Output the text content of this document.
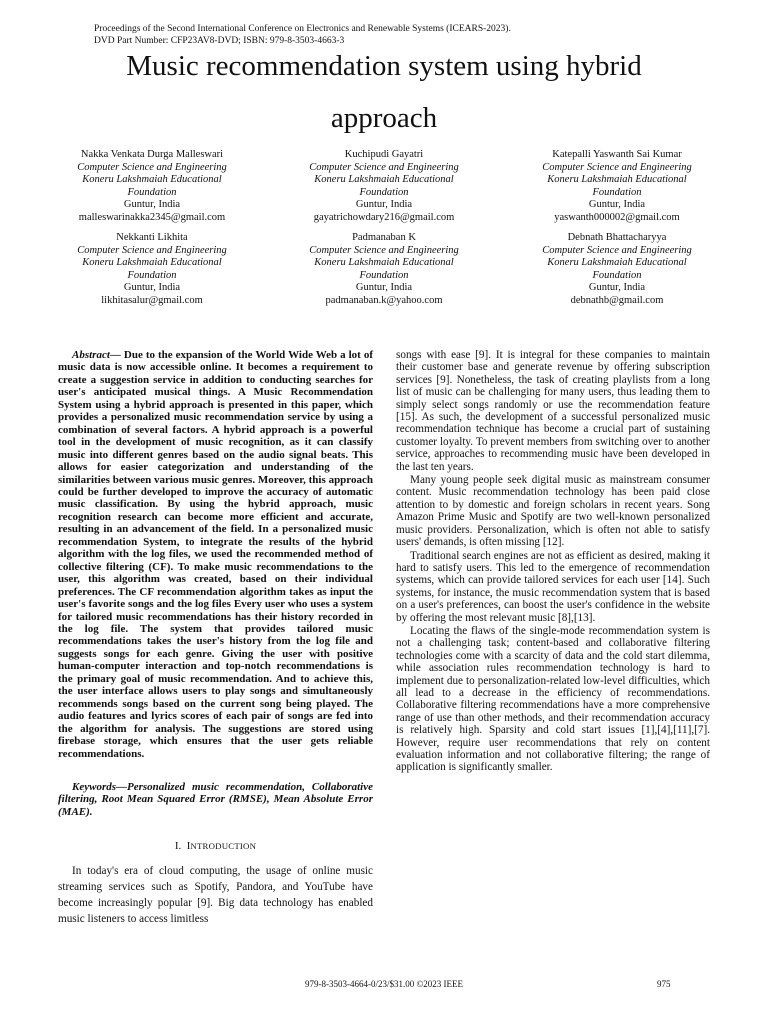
Proceedings of the Second International Conference on Electronics and Renewable Systems (ICEARS-2023).
DVD Part Number: CFP23AV8-DVD; ISBN: 979-8-3503-4663-3
Music recommendation system using hybrid
approach
Nakka Venkata Durga Malleswari
Computer Science and Engineering
Koneru Lakshmaiah Educational
Foundation
Guntur, India
malleswarinakka2345@gmail.com
Kuchipudi Gayatri
Computer Science and Engineering
Koneru Lakshmaiah Educational
Foundation
Guntur, India
gayatrichowdary216@gmail.com
Katepalli Yaswanth Sai Kumar
Computer Science and Engineering
Koneru Lakshmaiah Educational
Foundation
Guntur, India
yaswanth000002@gmail.com
Nekkanti Likhita
Computer Science and Engineering
Koneru Lakshmaiah Educational
Foundation
Guntur, India
likhitasalur@gmail.com
Padmanaban K
Computer Science and Engineering
Koneru Lakshmaiah Educational
Foundation
Guntur, India
padmanaban.k@yahoo.com
Debnath Bhattacharyya
Computer Science and Engineering
Koneru Lakshmaiah Educational
Foundation
Guntur, India
debnathb@gmail.com

Abstract— Due to the expansion of the World Wide Web a lot of music data is now accessible online. It becomes a requirement to create a suggestion service in addition to conducting searches for user's anticipated musical things. A Music Recommendation System using a hybrid approach is presented in this paper, which provides a personalized music recommendation service by using a combination of several factors. A hybrid approach is a powerful tool in the development of music recognition, as it can classify music into different genres based on the audio signal beats. This allows for easier categorization and understanding of the similarities between various music genres. Moreover, this approach could be further developed to improve the accuracy of automatic music classification. By using the hybrid approach, music recognition research can become more efficient and accurate, resulting in an advancement of the field. In a personalized music recommendation System, to integrate the results of the hybrid algorithm with the log files, we used the recommended method of collective filtering (CF). To make music recommendations to the user, this algorithm was created, based on their individual preferences. The CF recommendation algorithm takes as input the user's favorite songs and the log files Every user who uses a system for tailored music recommendations has their history recorded in the log file. The system that provides tailored music recommendations takes the user's history from the log file and suggests songs for each genre. Giving the user with positive human-computer interaction and top-notch recommendations is the primary goal of music recommendation. And to achieve this, the user interface allows users to play songs and simultaneously recommends songs based on the current song being played. The audio features and lyrics scores of each pair of songs are fed into the algorithm for analysis. The suggestions are stored using firebase storage, which ensures that the user gets reliable recommendations.

Keywords—Personalized music recommendation, Collaborative filtering, Root Mean Squared Error (RMSE), Mean Absolute Error (MAE).

I. INTRODUCTION

In today's era of cloud computing, the usage of online music streaming services such as Spotify, Pandora, and YouTube have become increasingly popular [9]. Big data technology has enabled music listeners to access limitless

songs with ease [9]. It is integral for these companies to maintain their customer base and generate revenue by offering subscription services [9]. Nonetheless, the task of creating playlists from a long list of music can be challenging for many users, thus leading them to simply select songs randomly or use the recommendation feature [15]. As such, the development of a successful personalized music recommendation technique has become a crucial part of sustaining customer loyalty. To prevent members from switching over to another service, approaches to recommending music have been developed in the last ten years.

Many young people seek digital music as mainstream consumer content. Music recommendation technology has been paid close attention to by domestic and foreign scholars in recent years. Song Amazon Prime Music and Spotify are two well-known personalized music providers. Personalization, which is often not able to satisfy users' demands, is often missing [12].

Traditional search engines are not as efficient as desired, making it hard to satisfy users. This led to the emergence of recommendation systems, which can provide tailored services for each user [14]. Such systems, for instance, the music recommendation system that is based on a user's preferences, can boost the user's confidence in the website by offering the most relevant music [8],[13].

Locating the flaws of the single-mode recommendation system is not a challenging task; content-based and collaborative filtering technologies come with a scarcity of data and the cold start dilemma, while association rules recommendation technology is hard to implement due to personalization-related low-level difficulties, which all lead to a decrease in the efficiency of recommendations. Collaborative filtering recommendations have a more comprehensive range of use than other methods, and their recommendation accuracy is relatively high. Sparsity and cold start issues [1],[4],[11],[7]. However, require user recommendations that rely on content evaluation information and not collaborative filtering; the range of application is significantly smaller.

979-8-3503-4664-0/23/$31.00 ©2023 IEEE	975
